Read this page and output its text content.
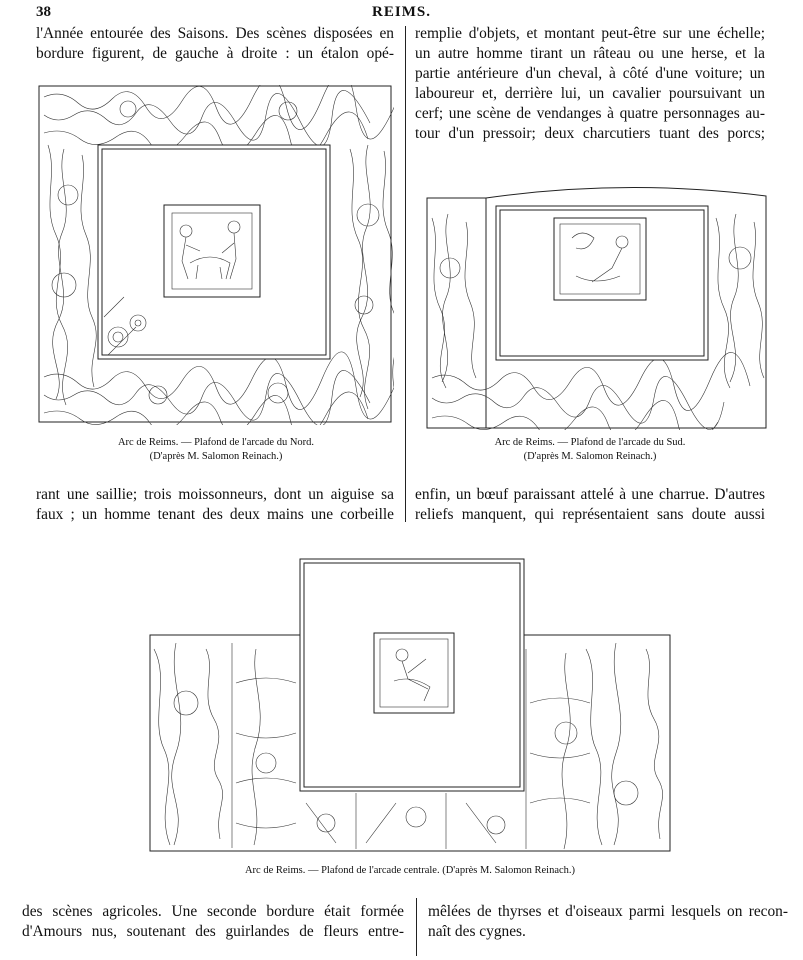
38	REIMS.
l'Année entourée des Saisons. Des scènes disposées en
bordure figurent, de gauche à droite : un étalon opé-
remplie d'objets, et montant peut-être sur une échelle;
un autre homme tirant un râteau ou une herse, et la
partie antérieure d'un cheval, à côté d'une voiture; un
laboureur et, derrière lui, un cavalier poursuivant un
cerf; une scène de vendanges à quatre personnages au-
tour d'un pressoir; deux charcutiers tuant des porcs;
Arc de Reims. — Plafond de l'arcade du Nord.
(D'après M. Salomon Reinach.)
Arc de Reims. — Plafond de l'arcade du Sud.
(D'après M. Salomon Reinach.)
rant une saillie; trois moissonneurs, dont un aiguise sa
faux ; un homme tenant des deux mains une corbeille
enfin, un bœuf paraissant attelé à une charrue. D'autres
reliefs manquent, qui représentaient sans doute aussi
Arc de Reims. — Plafond de l'arcade centrale. (D'après M. Salomon Reinach.)
des scènes agricoles. Une seconde bordure était formée
d'Amours nus, soutenant des guirlandes de fleurs entre-
mêlées de thyrses et d'oiseaux parmi lesquels on recon-
naît des cygnes.
